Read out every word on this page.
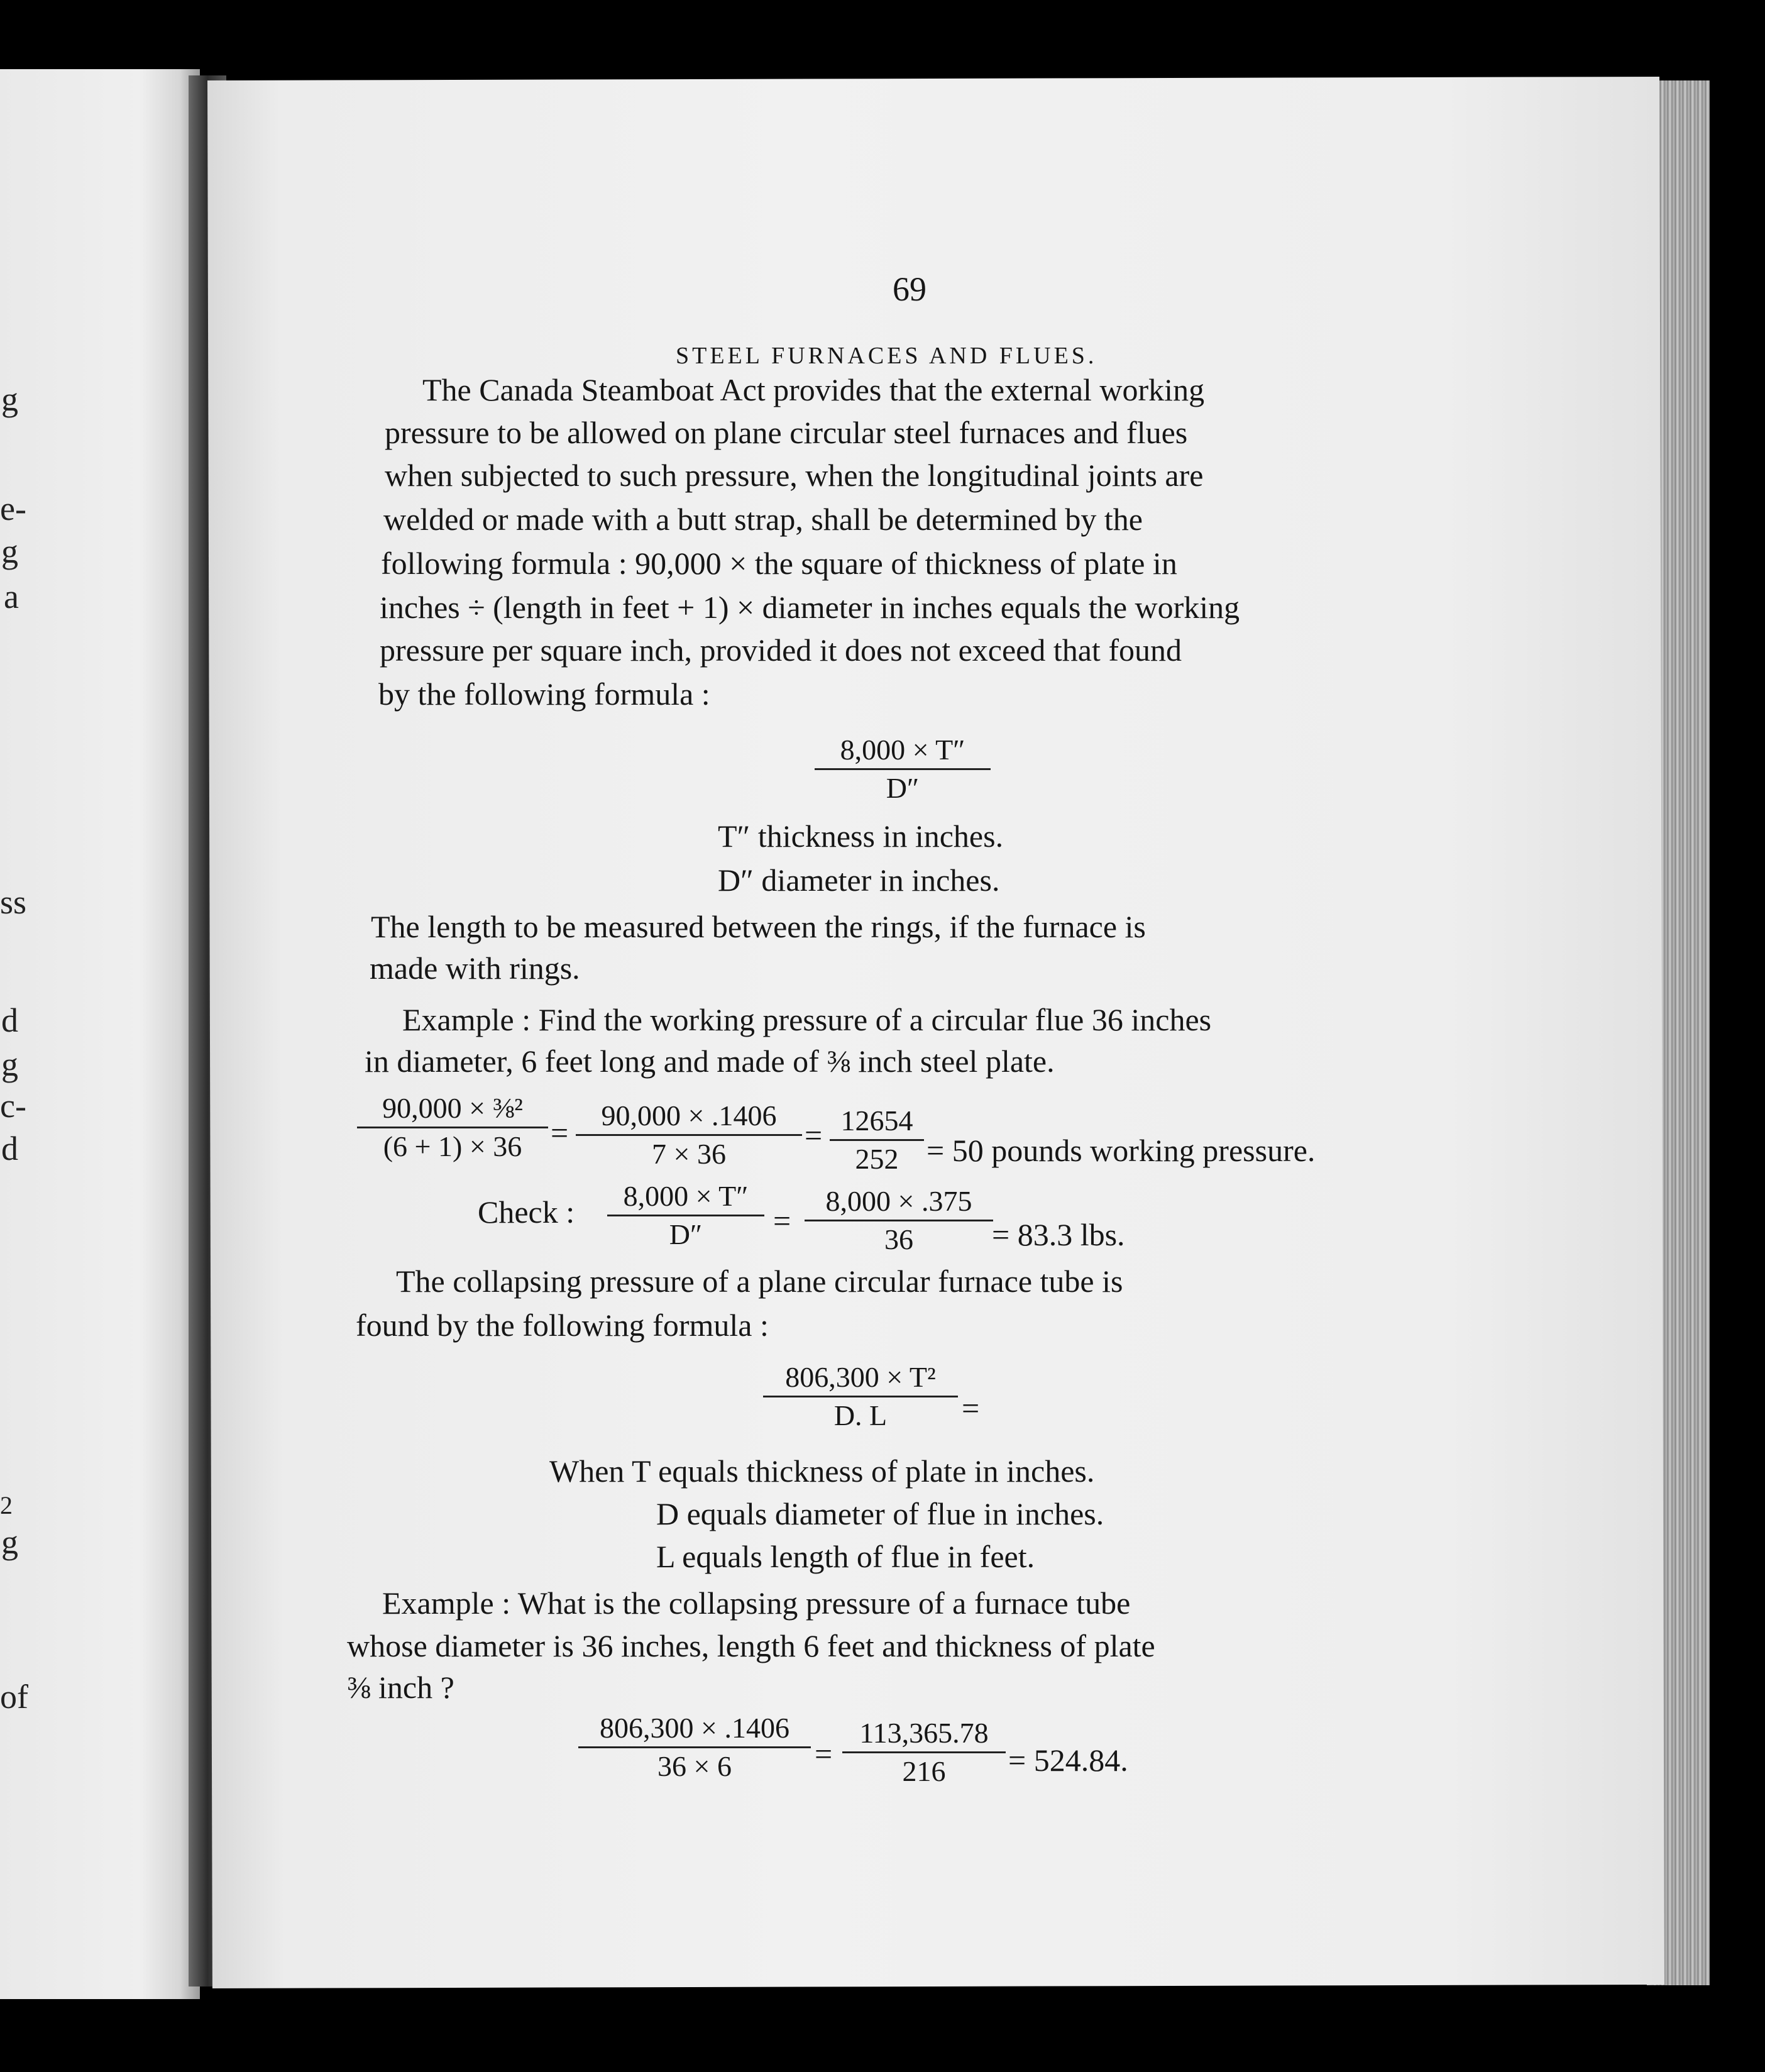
g
e-
g
a
ss
d
g
c-
d
2
g
of
69
STEEL FURNACES AND FLUES.
The Canada Steamboat Act provides that the external working
pressure to be allowed on plane circular steel furnaces and flues
when subjected to such pressure, when the longitudinal joints are
welded or made with a butt strap, shall be determined by the
following formula : 90,000 × the square of thickness of plate in
inches ÷ (length in feet + 1) × diameter in inches equals the working
pressure per square inch, provided it does not exceed that found
by the following formula :
$\frac{8,000 \times T''}{D''}$
T″ thickness in inches.
D″ diameter in inches.
The length to be measured between the rings, if the furnace is
made with rings.
Example : Find the working pressure of a circular flue 36 inches
in diameter, 6 feet long and made of ⅜ inch steel plate.
$\frac{\text{90,000 × ⅜²}}{(6 + 1) \times 36} = \frac{90,000 \times .1406}{7 \times 36} = \frac{12654}{252} = 50$ pounds working pressure.
Check : $\frac{8,000 \times T''}{D''} = \frac{8,000 \times .375}{36}$
= 83.3 lbs.
The collapsing pressure of a plane circular furnace tube is
found by the following formula :
$\frac{\text{806,300 × T²}}{D. L}$ =
When T equals thickness of plate in inches.
D equals diameter of flue in inches.
L equals length of flue in feet.
Example : What is the collapsing pressure of a furnace tube
whose diameter is 36 inches, length 6 feet and thickness of plate
⅜ inch ?
$\frac{806,300 \times .1406}{36 \times 6} = \frac{113,365.78}{216} = 524.84$.
